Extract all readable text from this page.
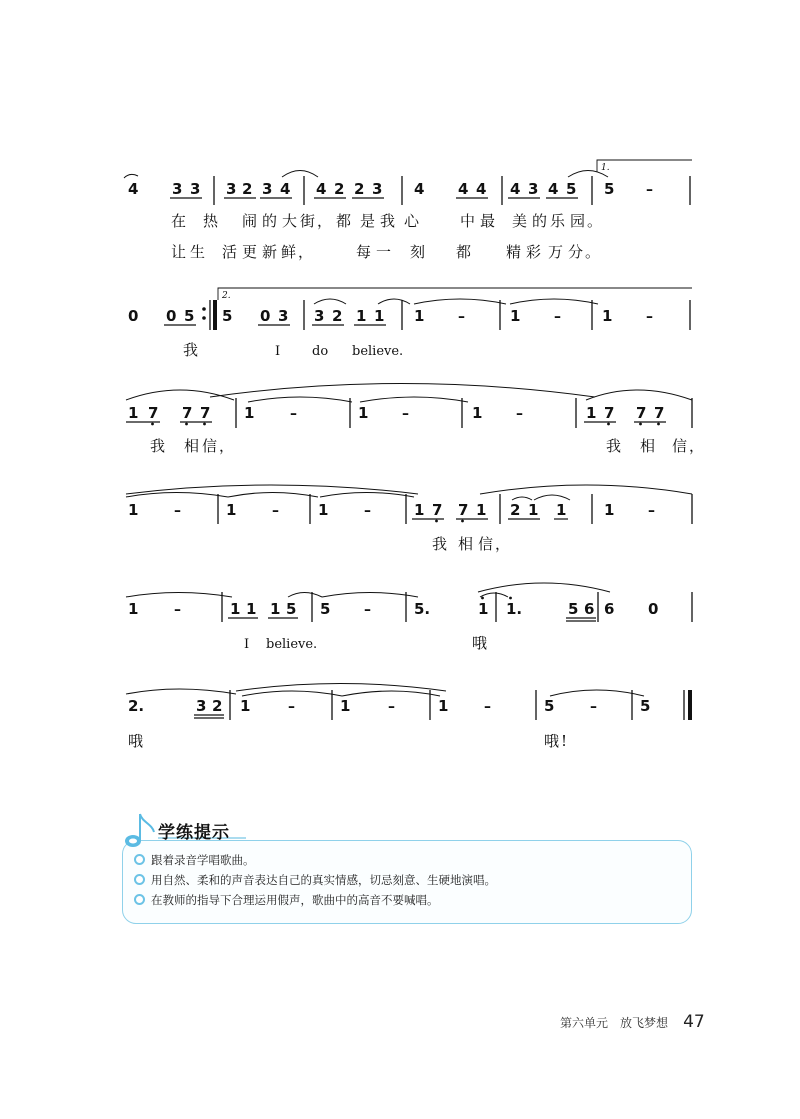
4 3 3 3 2 3 4 4 2 2 3 4 4 4 4 3 4 5
1.
5 –
在 热 闹 的 大 街， 都 是 我 心	中 最 美 的 乐 园。
让 生 活 更 新 鲜，	每 一 刻 都 精 彩 万 分。
0 0 5
2.
5 0 3 3 2 1 1 1 –	1 –	1 –
我	I do believe.
1 7 7 7 1	–	1 –	1 –	1 7 7 7
我 相 信，	我 相 信，
1	–	1	–	1	–	1 7 7 1 2 1 1	1 –
我 相 信，
1	–	1 1 1 5 5 –	5.	1 1.	5 6 6 0
I believe.	哦
2.	3 2 1	–	1	–	1	–	5	–	5
哦	哦!
学练提示
跟着录音学唱歌曲。
用自然、柔和的声音表达自己的真实情感，切忌刻意、生硬地演唱。
在教师的指导下合理运用假声，歌曲中的高音不要喊唱。
第六单元　放飞梦想 47
